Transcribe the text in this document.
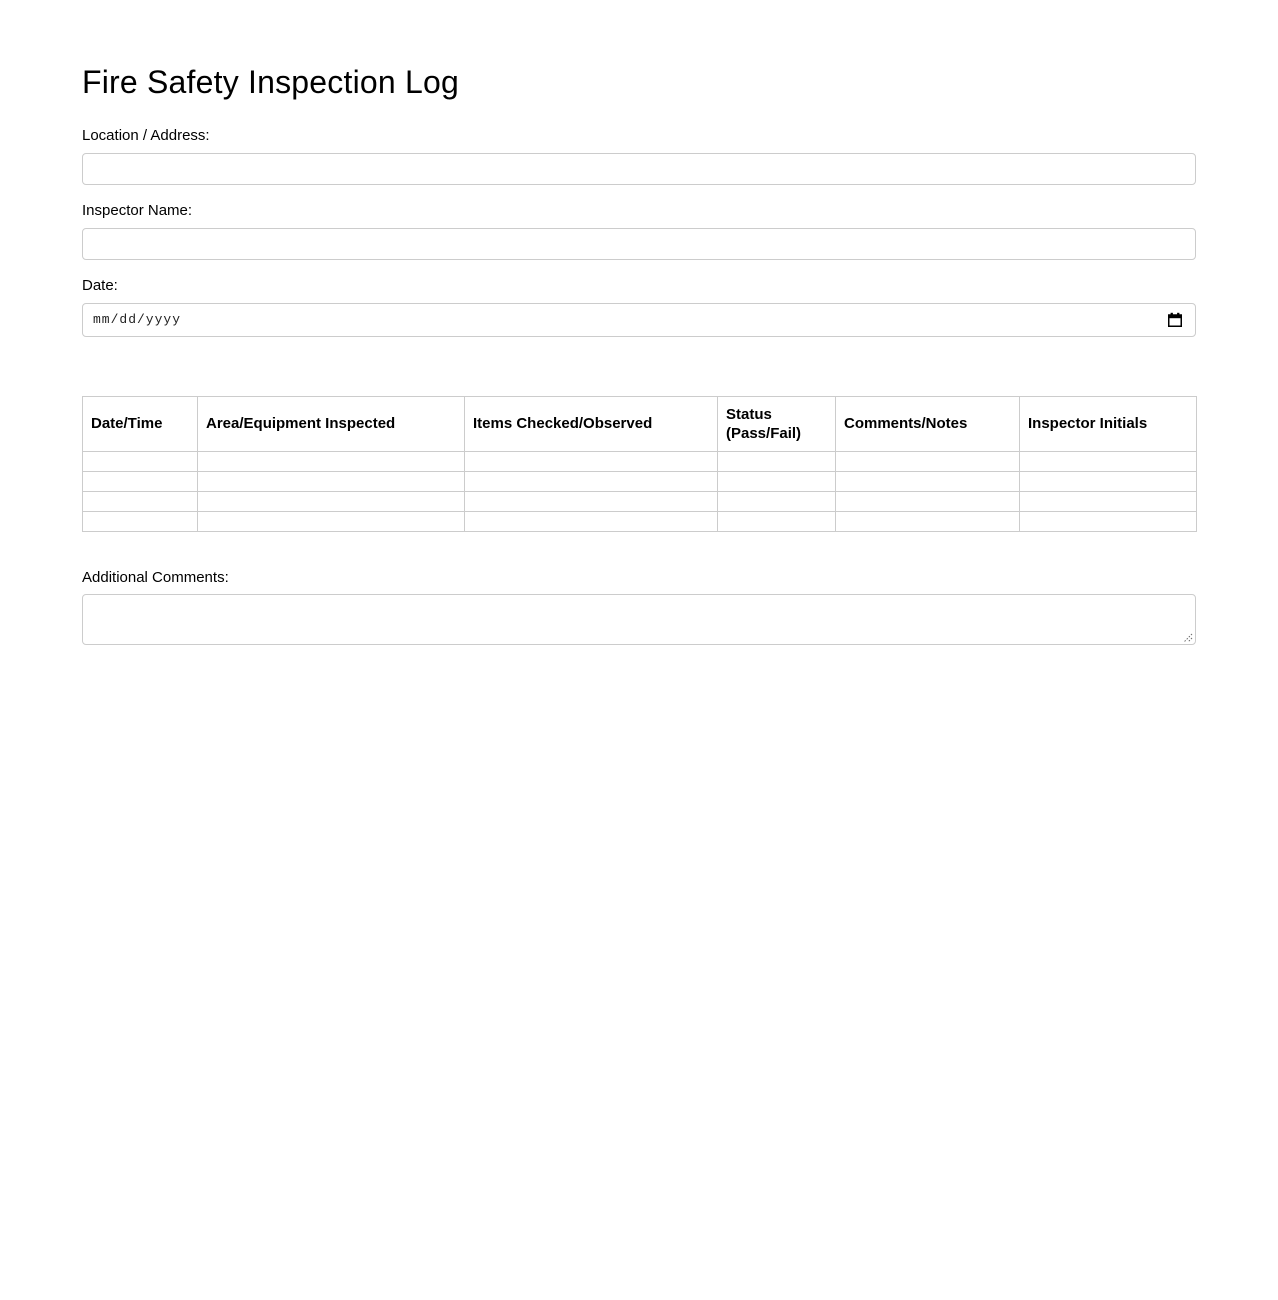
Fire Safety Inspection Log
Location / Address:
Inspector Name:
Date:
mm/dd/yyyy
Date/Time	Area/Equipment Inspected	Items Checked/Observed	Status (Pass/Fail)	Comments/Notes	Inspector Initials

Additional Comments:
